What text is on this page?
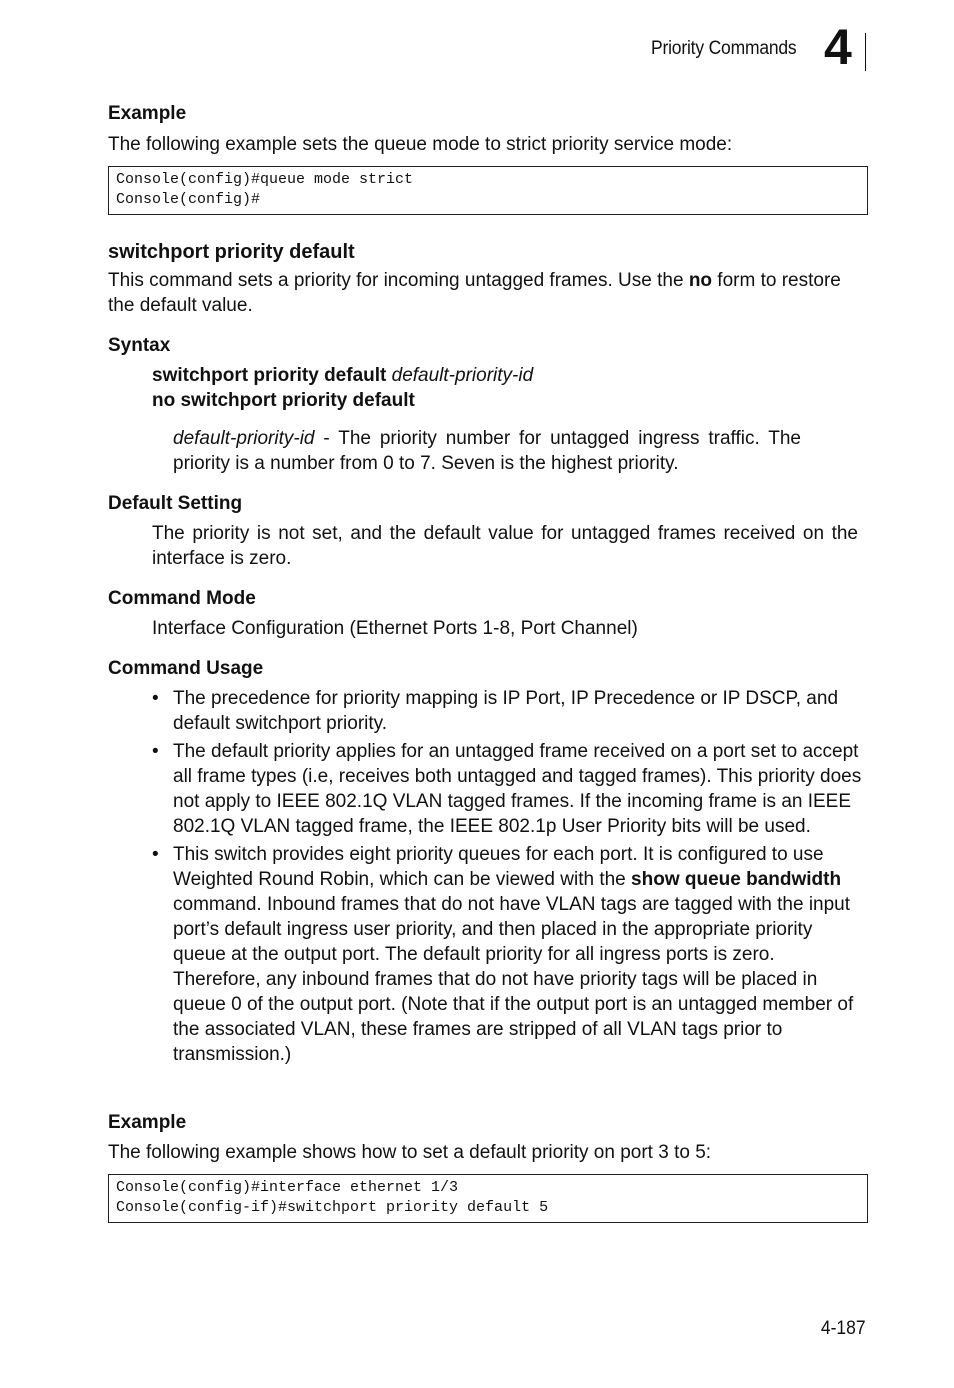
Priority Commands 4
Example

The following example sets the queue mode to strict priority service mode:

Console(config)#queue mode strict
Console(config)#
switchport priority default

This command sets a priority for incoming untagged frames. Use the no form to restore the default value.

Syntax

switchport priority default default-priority-id

no switchport priority default

default-priority-id - The priority number for untagged ingress traffic. The priority is a number from 0 to 7. Seven is the highest priority.

Default Setting

The priority is not set, and the default value for untagged frames received on the interface is zero.

Command Mode

Interface Configuration (Ethernet Ports 1-8, Port Channel)

Command Usage
• The precedence for priority mapping is IP Port, IP Precedence or IP DSCP, and default switchport priority.
• The default priority applies for an untagged frame received on a port set to accept all frame types (i.e, receives both untagged and tagged frames). This priority does not apply to IEEE 802.1Q VLAN tagged frames. If the incoming frame is an IEEE 802.1Q VLAN tagged frame, the IEEE 802.1p User Priority bits will be used.
• This switch provides eight priority queues for each port. It is configured to use Weighted Round Robin, which can be viewed with the show queue bandwidth command. Inbound frames that do not have VLAN tags are tagged with the input port’s default ingress user priority, and then placed in the appropriate priority queue at the output port. The default priority for all ingress ports is zero. Therefore, any inbound frames that do not have priority tags will be placed in queue 0 of the output port. (Note that if the output port is an untagged member of the associated VLAN, these frames are stripped of all VLAN tags prior to transmission.)
Example

The following example shows how to set a default priority on port 3 to 5:

Console(config)#interface ethernet 1/3
Console(config-if)#switchport priority default 5
4-187
